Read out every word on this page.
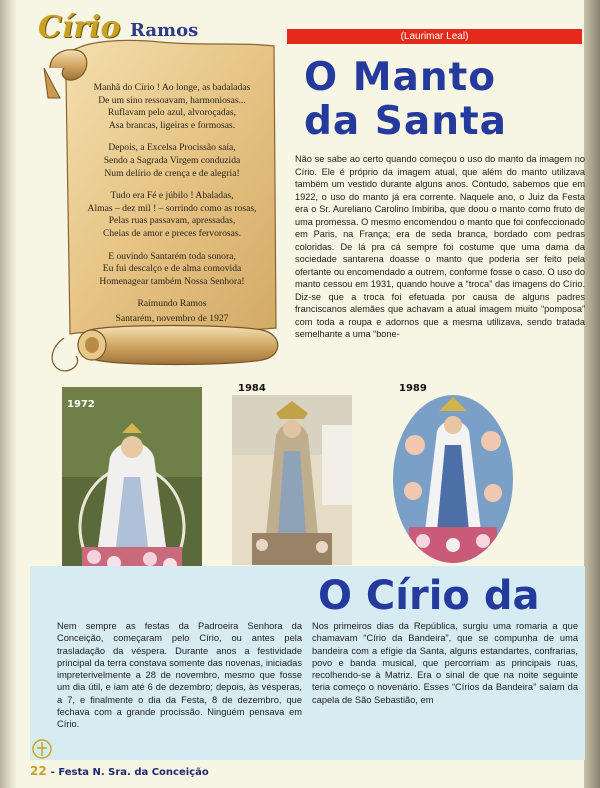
Círio Ramos
Manhã do Círio ! Ao longe, as badaladas
De um sino ressoavam, harmoniosas...
Ruflavam pelo azul, alvoroçadas,
Asa brancas, ligeiras e formosas.
Depois, a Excelsa Procissão saía,
Sendo a Sagrada Virgem conduzida
Num delírio de crença e de alegria!
Tudo era Fé e júbilo ! Abaladas,
Almas – dez mil ! – sorrindo como as rosas,
Pelas ruas passavam, apressadas,
Cheias de amor e preces fervorosas.
E ouvindo Santarém toda sonora,
Eu fui descalço e de alma comovida
Homenagear também Nossa Senhora!
Raimundo Ramos
Santarém, novembro de 1927
(Laurimar Leal)
O Manto
da Santa
Não se sabe ao certo quando começou o uso do manto da imagem no Círio. Ele é próprio da imagem atual, que além do manto utilizava também um vestido durante alguns anos. Contudo, sabemos que em 1922, o uso do manto já era corrente. Naquele ano, o Juiz da Festa era o Sr. Aureliano Carolino Imbiriba, que doou o manto como fruto de uma promessa. O mesmo encomendou o manto que foi confeccionado em Paris, na França; era de seda branca, bordado com pedras coloridas. De lá pra cá sempre foi costume que uma dama da sociedade santarena doasse o manto que poderia ser feito pela ofertante ou encomendado a outrem, conforme fosse o caso. O uso do manto cessou em 1931, quando houve a “troca” das imagens do Círio. Diz-se que a troca foi efetuada por causa de alguns padres franciscanos alemães que achavam a atual imagem muito “pomposa” com toda a roupa e adornos que a mesma utilizava, sendo tratada semelhante a uma “bone-
1972
1984	1989
O Círio da
Nem sempre as festas da Padroeira Senhora da Conceição, começaram pelo Círio, ou antes pela trasladação da véspera. Durante anos a festividade principal da terra constava somente das novenas, iniciadas impreterivelmente a 28 de novembro, mesmo que fosse um dia útil, e iam até 6 de dezembro; depois, às vésperas, a 7, e finalmente o dia da Festa, 8 de dezembro, que fechava com a grande procissão. Ninguém pensava em Círio.
Nos primeiros dias da República, surgiu uma romaria a que chamavam “Círio da Bandeira”, que se compunha de uma bandeira com a efígie da Santa, alguns estandartes, confrarias, povo e banda musical, que percorriam as principais ruas, recolhendo-se à Matriz. Era o sinal de que na noite seguinte teria começo o novenário. Esses “Círios da Bandeira” saíam da capela de São Sebastião, em
22 - Festa N. Sra. da Conceição
